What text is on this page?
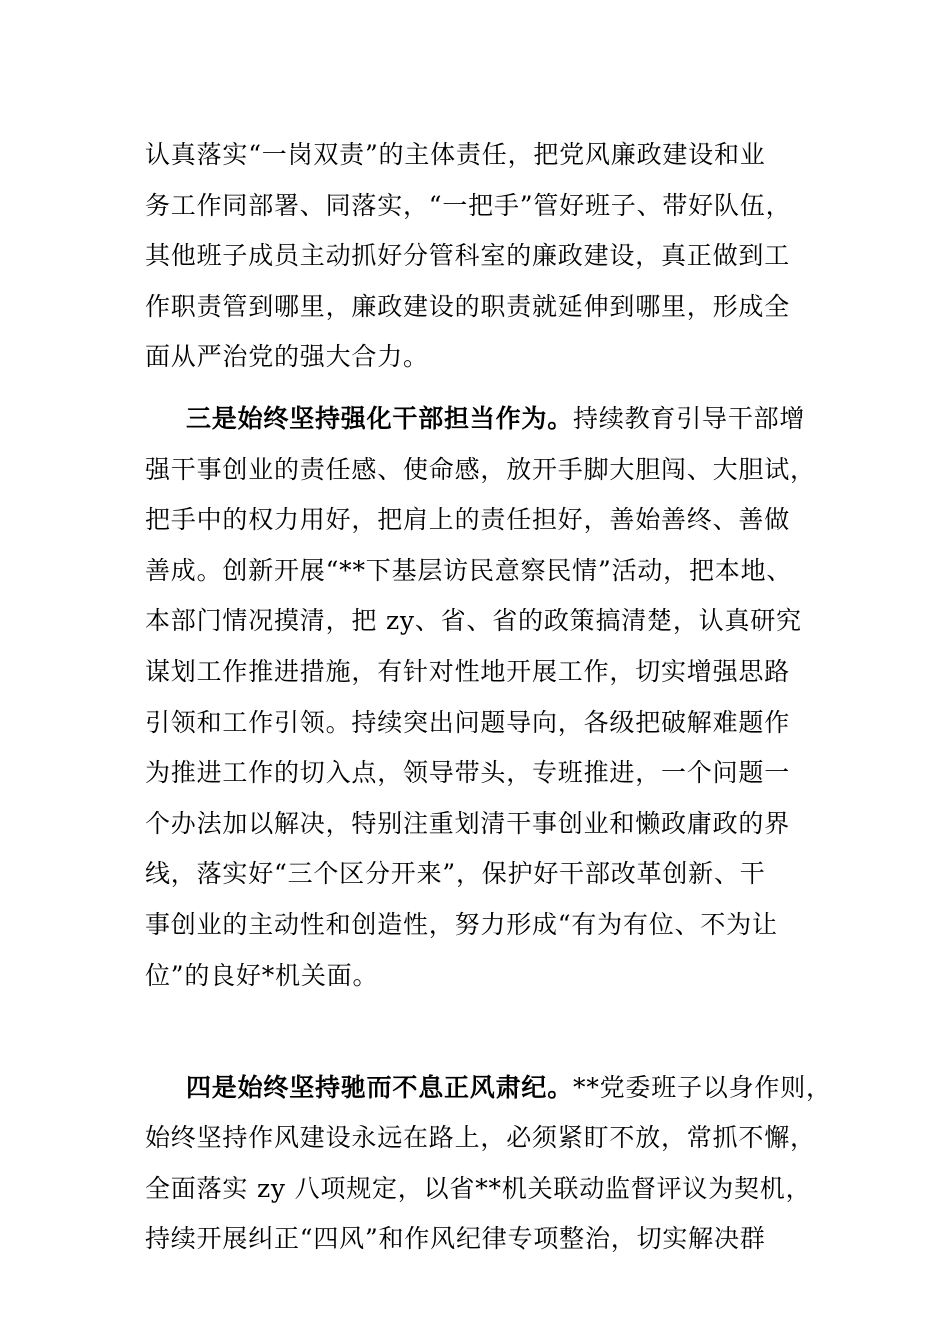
认真落实“一岗双责”的主体责任，把党风廉政建设和业
务工作同部署、同落实，“一把手”管好班子、带好队伍，
其他班子成员主动抓好分管科室的廉政建设，真正做到工
作职责管到哪里，廉政建设的职责就延伸到哪里，形成全
面从严治党的强大合力。
三是始终坚持强化干部担当作为。持续教育引导干部增
强干事创业的责任感、使命感，放开手脚大胆闯、大胆试，
把手中的权力用好，把肩上的责任担好，善始善终、善做
善成。创新开展“**下基层访民意察民情”活动，把本地、
本部门情况摸清，把 zy、省、省的政策搞清楚，认真研究
谋划工作推进措施，有针对性地开展工作，切实增强思路
引领和工作引领。持续突出问题导向，各级把破解难题作
为推进工作的切入点，领导带头，专班推进，一个问题一
个办法加以解决，特别注重划清干事创业和懒政庸政的界
线，落实好“三个区分开来”，保护好干部改革创新、干
事创业的主动性和创造性，努力形成“有为有位、不为让
位”的良好*机关面。
四是始终坚持驰而不息正风肃纪。**党委班子以身作则，
始终坚持作风建设永远在路上，必须紧盯不放，常抓不懈，
全面落实 zy 八项规定，以省**机关联动监督评议为契机，
持续开展纠正“四风”和作风纪律专项整治，切实解决群
